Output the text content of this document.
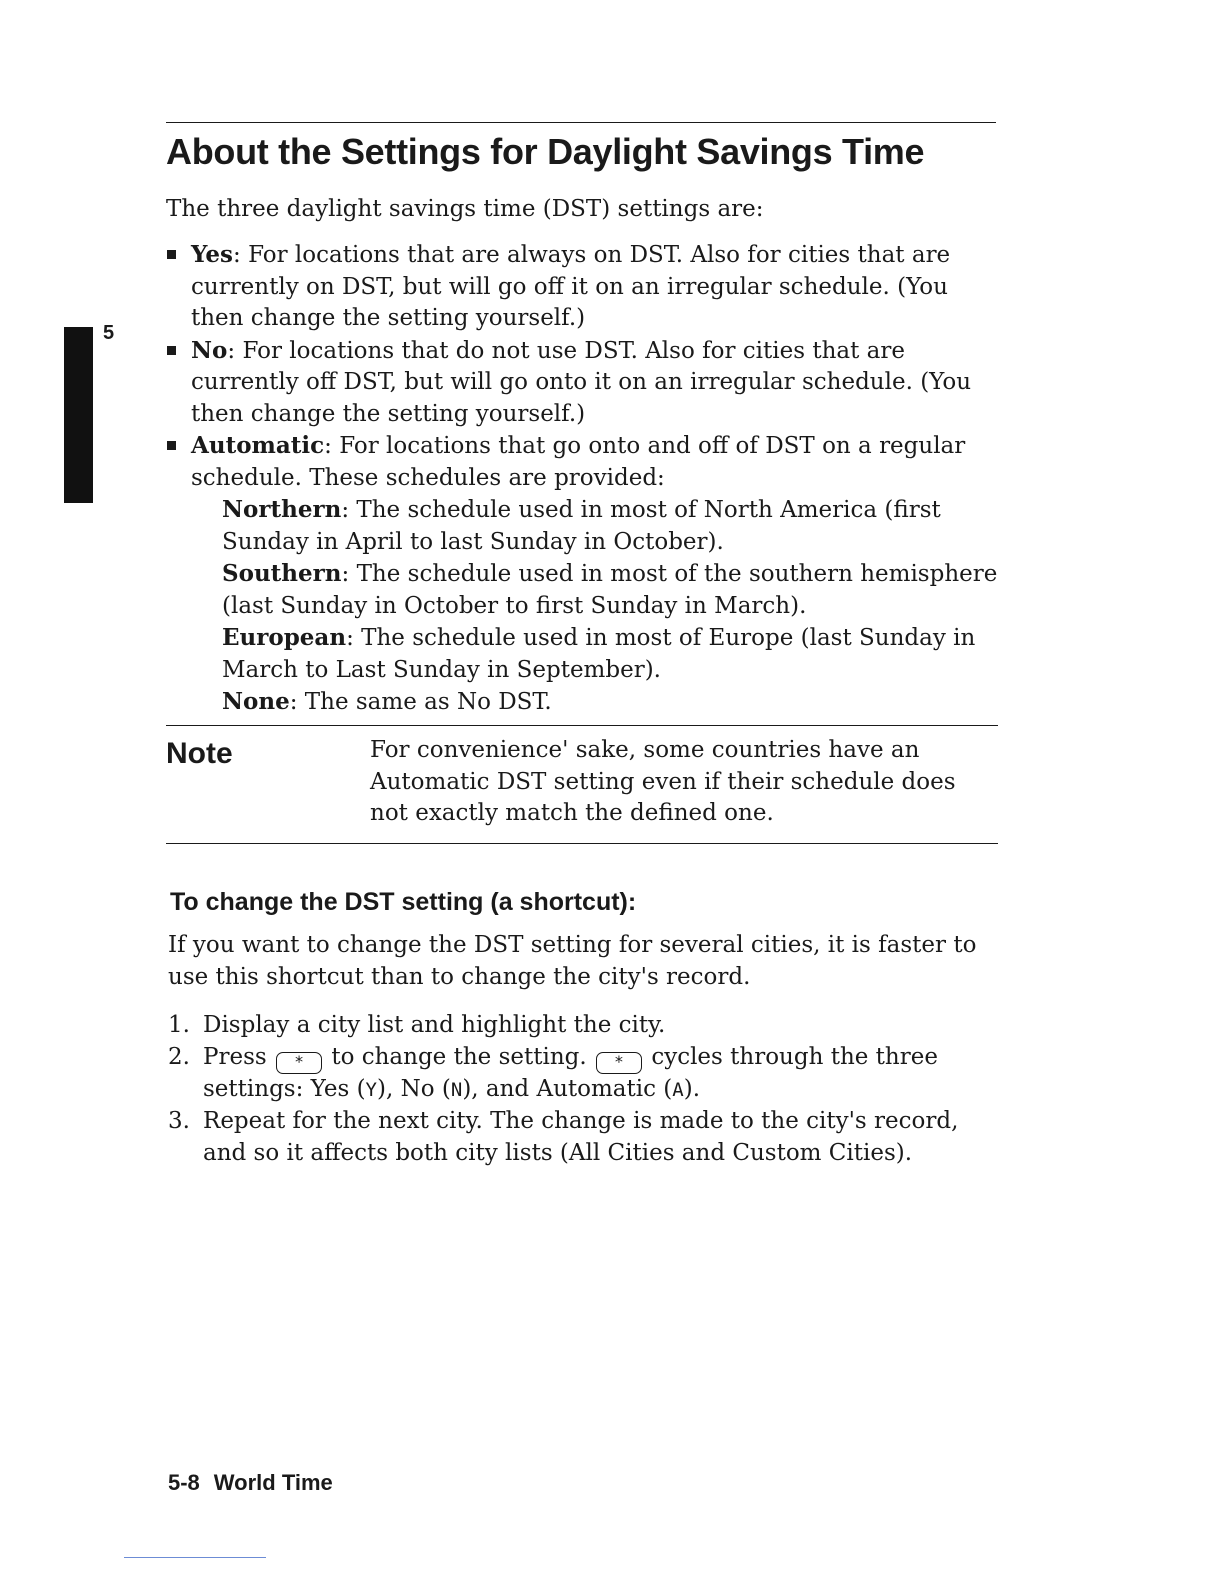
About the Settings for Daylight Savings Time

The three daylight savings time (DST) settings are:

5
Yes: For locations that are always on DST. Also for cities that are
currently on DST, but will go off it on an irregular schedule. (You
then change the setting yourself.)
No: For locations that do not use DST. Also for cities that are
currently off DST, but will go onto it on an irregular schedule. (You
then change the setting yourself.)
Automatic: For locations that go onto and off of DST on a regular
schedule. These schedules are provided:
Northern: The schedule used in most of North America (first
Sunday in April to last Sunday in October).
Southern: The schedule used in most of the southern hemisphere
(last Sunday in October to first Sunday in March).
European: The schedule used in most of Europe (last Sunday in
March to Last Sunday in September).
None: The same as No DST.
Note	For convenience' sake, some countries have an
Automatic DST setting even if their schedule does
not exactly match the defined one.
To change the DST setting (a shortcut):
If you want to change the DST setting for several cities, it is faster to
use this shortcut than to change the city's record.
1. Display a city list and highlight the city.
2. Press * to change the setting. * cycles through the three
settings: Yes (Y), No (N), and Automatic (A).
3. Repeat for the next city. The change is made to the city's record,
and so it affects both city lists (All Cities and Custom Cities).
5-8 World Time
